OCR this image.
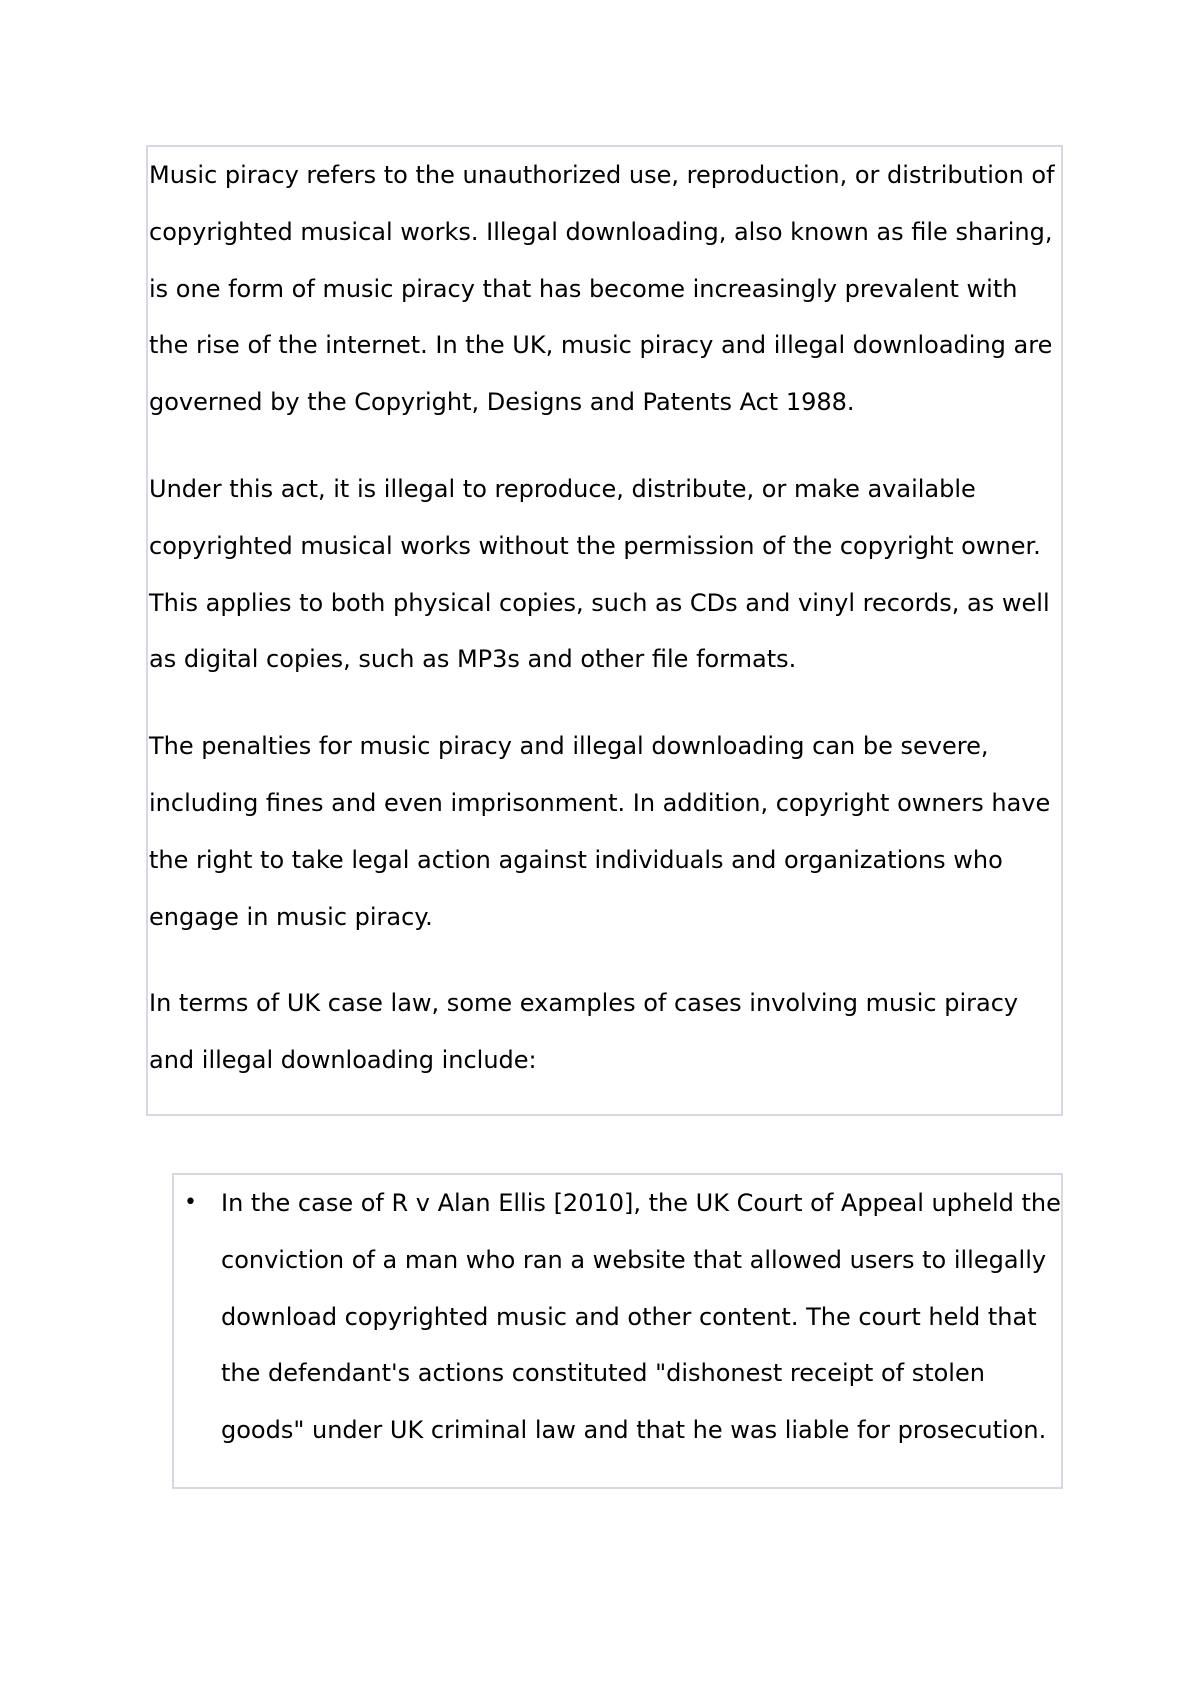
Music piracy refers to the unauthorized use, reproduction, or distribution of copyrighted musical works. Illegal downloading, also known as file sharing, is one form of music piracy that has become increasingly prevalent with the rise of the internet. In the UK, music piracy and illegal downloading are governed by the Copyright, Designs and Patents Act 1988.

Under this act, it is illegal to reproduce, distribute, or make available copyrighted musical works without the permission of the copyright owner. This applies to both physical copies, such as CDs and vinyl records, as well as digital copies, such as MP3s and other file formats.

The penalties for music piracy and illegal downloading can be severe, including fines and even imprisonment. In addition, copyright owners have the right to take legal action against individuals and organizations who engage in music piracy.

In terms of UK case law, some examples of cases involving music piracy and illegal downloading include:

• In the case of R v Alan Ellis [2010], the UK Court of Appeal upheld the conviction of a man who ran a website that allowed users to illegally download copyrighted music and other content. The court held that the defendant's actions constituted "dishonest receipt of stolen goods" under UK criminal law and that he was liable for prosecution.
